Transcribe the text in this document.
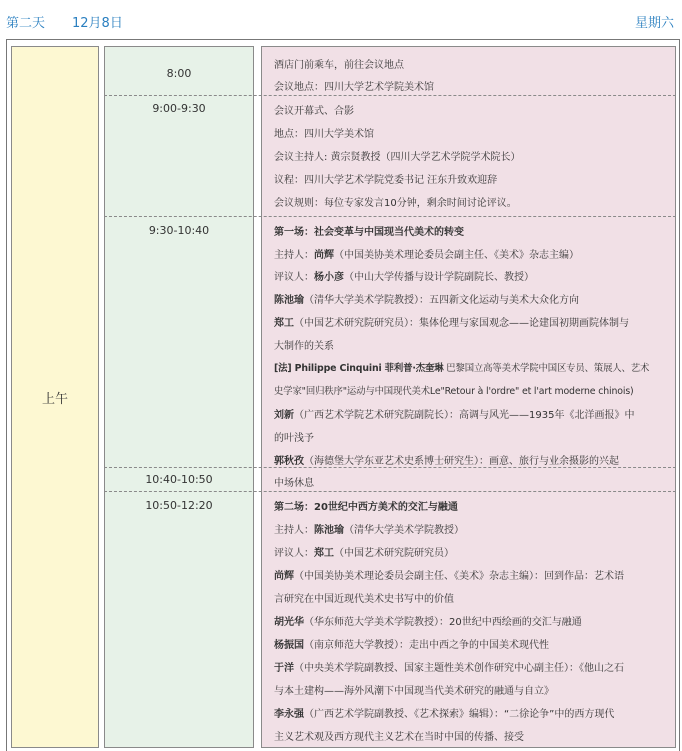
第二天 12月8日	星期六
上午
8:00
9:00-9:30
9:30-10:40
10:40-10:50
10:50-12:20
酒店门前乘车，前往会议地点
会议地点：四川大学艺术学院美术馆
会议开幕式、合影
地点：四川大学美术馆
会议主持人: 黄宗贤教授（四川大学艺术学院学术院长）
议程：四川大学艺术学院党委书记 汪东升致欢迎辞
会议规则：每位专家发言10分钟，剩余时间讨论评议。
第一场：社会变革与中国现当代美术的转变
主持人：尚辉（中国美协美术理论委员会副主任、《美术》杂志主编）
评议人：杨小彦（中山大学传播与设计学院副院长、教授）
陈池瑜（清华大学美术学院教授）：五四新文化运动与美术大众化方向
郑工（中国艺术研究院研究员）：集体伦理与家国观念——论建国初期画院体制与
大制作的关系
[法] Philippe Cinquini 菲利普·杰奎琳 巴黎国立高等美术学院中国区专员、策展人、艺术
史学家"回归秩序"运动与中国现代美术Le"Retour à l'ordre" et l'art moderne chinois)
刘新（广西艺术学院艺术研究院副院长）：高调与风光——1935年《北洋画报》中
的叶浅予
郭秋孜（海德堡大学东亚艺术史系博士研究生）：画意、旅行与业余摄影的兴起
中场休息
第二场：20世纪中西方美术的交汇与融通
主持人：陈池瑜（清华大学美术学院教授）
评议人：郑工（中国艺术研究院研究员）
尚辉（中国美协美术理论委员会副主任、《美术》杂志主编）：回到作品：艺术语
言研究在中国近现代美术史书写中的价值
胡光华（华东师范大学美术学院教授）：20世纪中西绘画的交汇与融通
杨振国（南京师范大学教授）：走出中西之争的中国美术现代性
于洋（中央美术学院副教授、国家主题性美术创作研究中心副主任）：《他山之石
与本土建构——海外风潮下中国现当代美术研究的融通与自立》
李永强（广西艺术学院副教授、《艺术探索》编辑）：“二徐论争”中的西方现代
主义艺术观及西方现代主义艺术在当时中国的传播、接受
